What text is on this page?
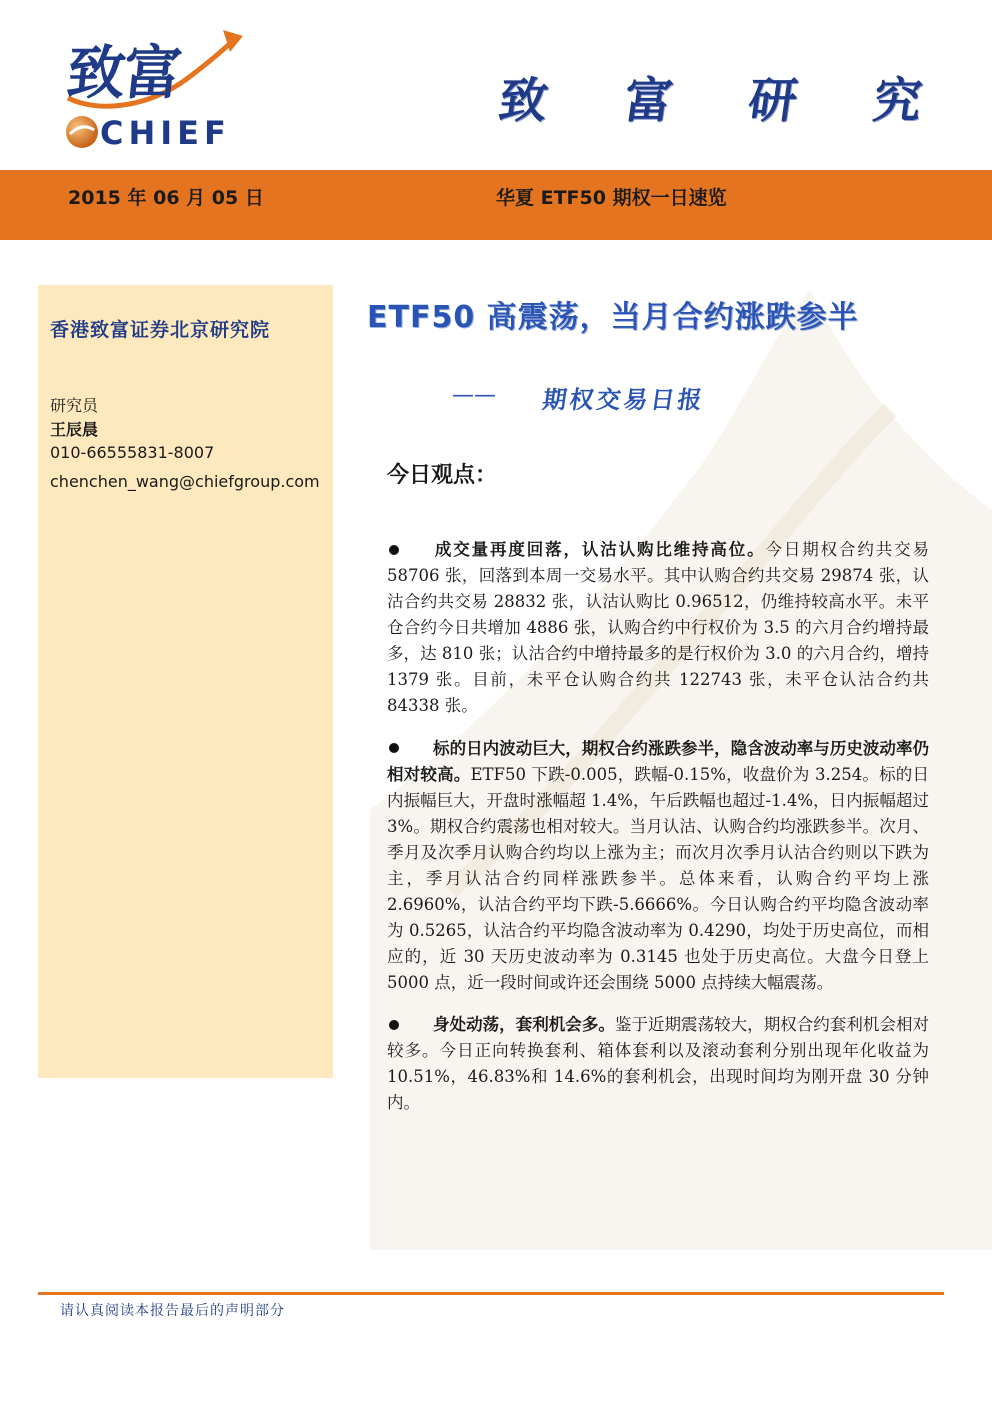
致富
CHIEF
致 富 研 究
2015 年 06 月 05 日	华夏 ETF50 期权一日速览
香港致富证券北京研究院
研究员
王辰晨
010-66555831-8007
chenchen_wang@chiefgroup.com
ETF50 高震荡，当月合约涨跌参半
—— 期权交易日报
今日观点：

成交量再度回落，认沽认购比维持高位。今日期权合约共交易 58706 张，回落到本周一交易水平。其中认购合约共交易 29874 张，认沽合约共交易 28832 张，认沽认购比 0.96512，仍维持较高水平。未平仓合约今日共增加 4886 张，认购合约中行权价为 3.5 的六月合约增持最多，达 810 张；认沽合约中增持最多的是行权价为 3.0 的六月合约，增持 1379 张。目前，未平仓认购合约共 122743 张，未平仓认沽合约共 84338 张。

标的日内波动巨大，期权合约涨跌参半，隐含波动率与历史波动率仍相对较高。ETF50 下跌-0.005，跌幅-0.15%，收盘价为 3.254。标的日内振幅巨大，开盘时涨幅超 1.4%，午后跌幅也超过-1.4%，日内振幅超过 3%。期权合约震荡也相对较大。当月认沽、认购合约均涨跌参半。次月、季月及次季月认购合约均以上涨为主；而次月次季月认沽合约则以下跌为主，季月认沽合约同样涨跌参半。总体来看，认购合约平均上涨 2.6960%，认沽合约平均下跌-5.6666%。今日认购合约平均隐含波动率为 0.5265，认沽合约平均隐含波动率为 0.4290，均处于历史高位，而相应的，近 30 天历史波动率为 0.3145 也处于历史高位。大盘今日登上 5000 点，近一段时间或许还会围绕 5000 点持续大幅震荡。

身处动荡，套利机会多。鉴于近期震荡较大，期权合约套利机会相对较多。今日正向转换套利、箱体套利以及滚动套利分别出现年化收益为 10.51%，46.83%和 14.6%的套利机会，出现时间均为刚开盘 30 分钟内。

请认真阅读本报告最后的声明部分
